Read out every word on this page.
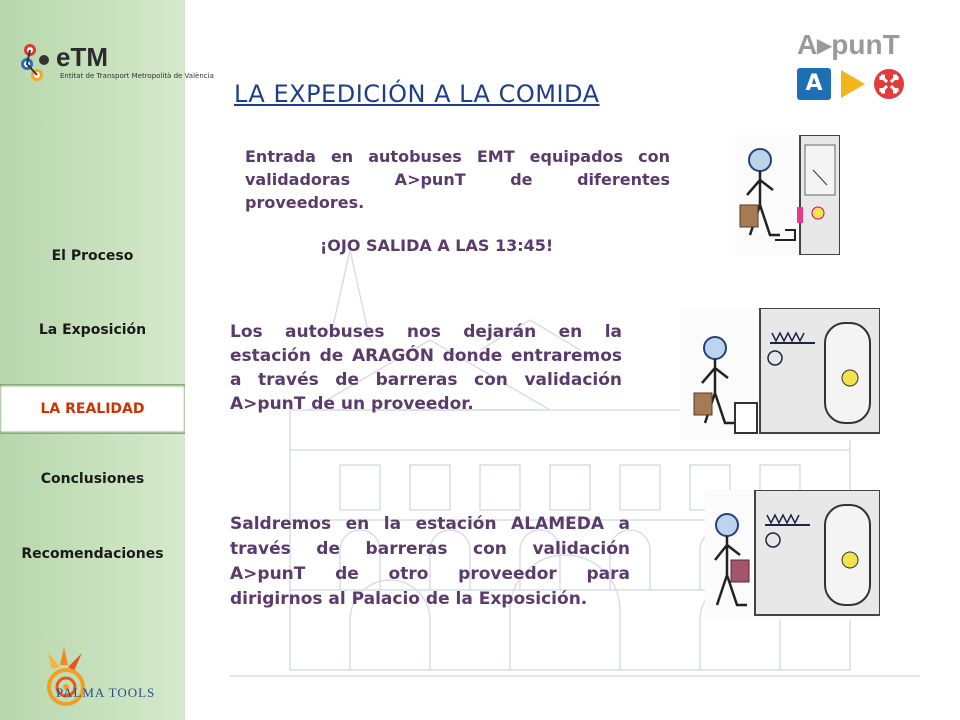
eTM
Entitat de Transport Metropolità de València
El Proceso
La Exposición
LA REALIDAD
Conclusiones
Recomendaciones
PALMA TOOLS
A▸punT
A
LA EXPEDICIÓN A LA COMIDA
Entrada en autobuses EMT equipados con validadoras A>punT de diferentes proveedores.
¡OJO SALIDA A LAS 13:45!
Los autobuses nos dejarán en la estación de ARAGÓN donde entraremos a través de barreras con validación A>punT de un proveedor.
Saldremos en la estación ALAMEDA a través de barreras con validación A>punT de otro proveedor para dirigirnos al Palacio de la Exposición.
